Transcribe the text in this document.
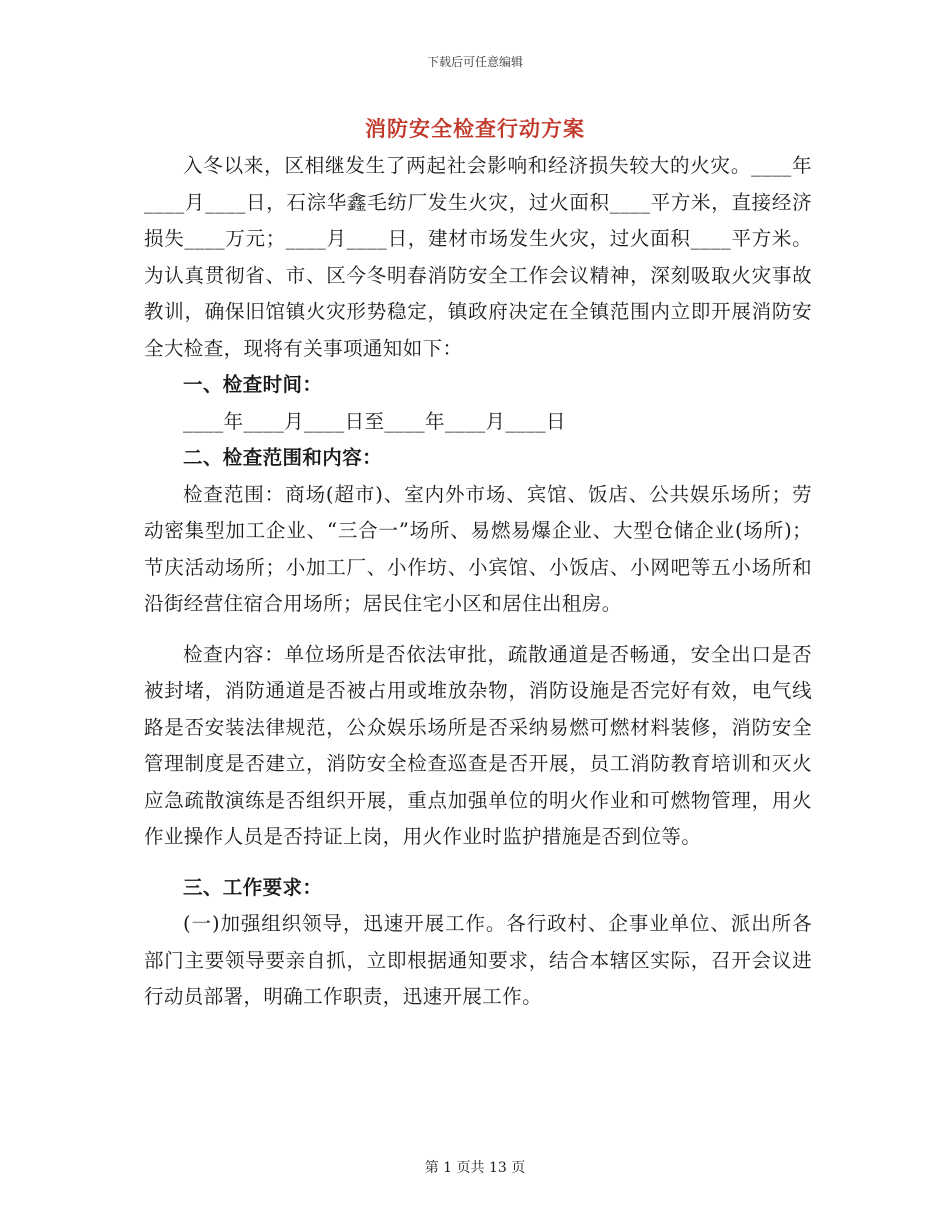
下载后可任意编辑
消防安全检查行动方案

入冬以来，区相继发生了两起社会影响和经济损失较大的火灾。____年____月____日，石淙华鑫毛纺厂发生火灾，过火面积____平方米，直接经济损失____万元；____月____日，建材市场发生火灾，过火面积____平方米。为认真贯彻省、市、区今冬明春消防安全工作会议精神，深刻吸取火灾事故教训，确保旧馆镇火灾形势稳定，镇政府决定在全镇范围内立即开展消防安全大检查，现将有关事项通知如下：

一、检查时间：

____年____月____日至____年____月____日

二、检查范围和内容：

检查范围：商场(超市)、室内外市场、宾馆、饭店、公共娱乐场所；劳动密集型加工企业、“三合一”场所、易燃易爆企业、大型仓储企业(场所)；节庆活动场所；小加工厂、小作坊、小宾馆、小饭店、小网吧等五小场所和沿街经营住宿合用场所；居民住宅小区和居住出租房。

检查内容：单位场所是否依法审批，疏散通道是否畅通，安全出口是否被封堵，消防通道是否被占用或堆放杂物，消防设施是否完好有效，电气线路是否安装法律规范，公众娱乐场所是否采纳易燃可燃材料装修，消防安全管理制度是否建立，消防安全检查巡查是否开展，员工消防教育培训和灭火应急疏散演练是否组织开展，重点加强单位的明火作业和可燃物管理，用火作业操作人员是否持证上岗，用火作业时监护措施是否到位等。

三、工作要求：

(一)加强组织领导，迅速开展工作。各行政村、企事业单位、派出所各部门主要领导要亲自抓，立即根据通知要求，结合本辖区实际，召开会议进行动员部署，明确工作职责，迅速开展工作。

第 1 页共 13 页
